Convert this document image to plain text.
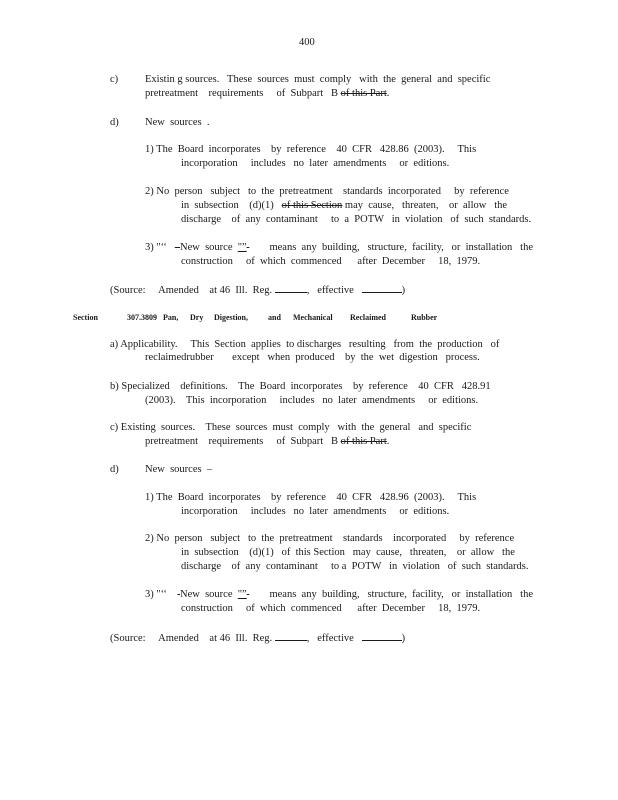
400
c)	Existin g sources.   These  sources  must  comply   with  the  general  and  specific
pretreatment    requirements     of  Subpart   B of this Part.
d)	New  sources  .
1) The  Board  incorporates    by  reference    40  CFR   428.86  (2003).     This
incorporation     includes   no  later  amendments     or  editions.
2) No  person   subject   to  the  pretreatment    standards  incorporated     by  reference
in  subsection    (d)(1) of this Section may  cause,   threaten,    or  allow   the
discharge    of  any  contaminant     to  a  POTW   in  violation   of  such  standards.
3) "‘‘ New  source "” means  any  building,   structure,  facility,   or  installation   the
construction     of  which  commenced      after  December     18,  1979.
(Source:     Amended    at 46  Ill.  Reg.	,   effective	)
Section	307.3809 Pan, Dry Digestion,	and Mechanical Reclaimed	Rubber
a) Applicability.     This  Section  applies  to discharges   resulting   from  the  production   of
reclaimedrubber       except   when  produced    by  the  wet  digestion   process.
b) Specialized    definitions.    The  Board  incorporates    by  reference    40  CFR   428.91
(2003).    This  incorporation     includes   no  later  amendments     or  editions.
c) Existing  sources.    These  sources  must  comply   with  the  general   and  specific
pretreatment    requirements     of  Subpart   B of this Part.
d)	New  sources  –
1) The  Board  incorporates    by  reference    40  CFR   428.96  (2003).     This
incorporation     includes   no  later  amendments     or  editions.
2) No  person   subject   to  the  pretreatment    standards    incorporated     by  reference
in  subsection    (d)(1)   of  this Section   may  cause,   threaten,    or  allow   the
discharge    of  any  contaminant     to a  POTW   in  violation   of  such  standards.
3) "‘‘ New  source "” means  any  building,   structure,  facility,   or  installation   the
construction     of  which  commenced      after  December     18,  1979.
(Source:     Amended    at 46  Ill.  Reg.	,   effective	)
